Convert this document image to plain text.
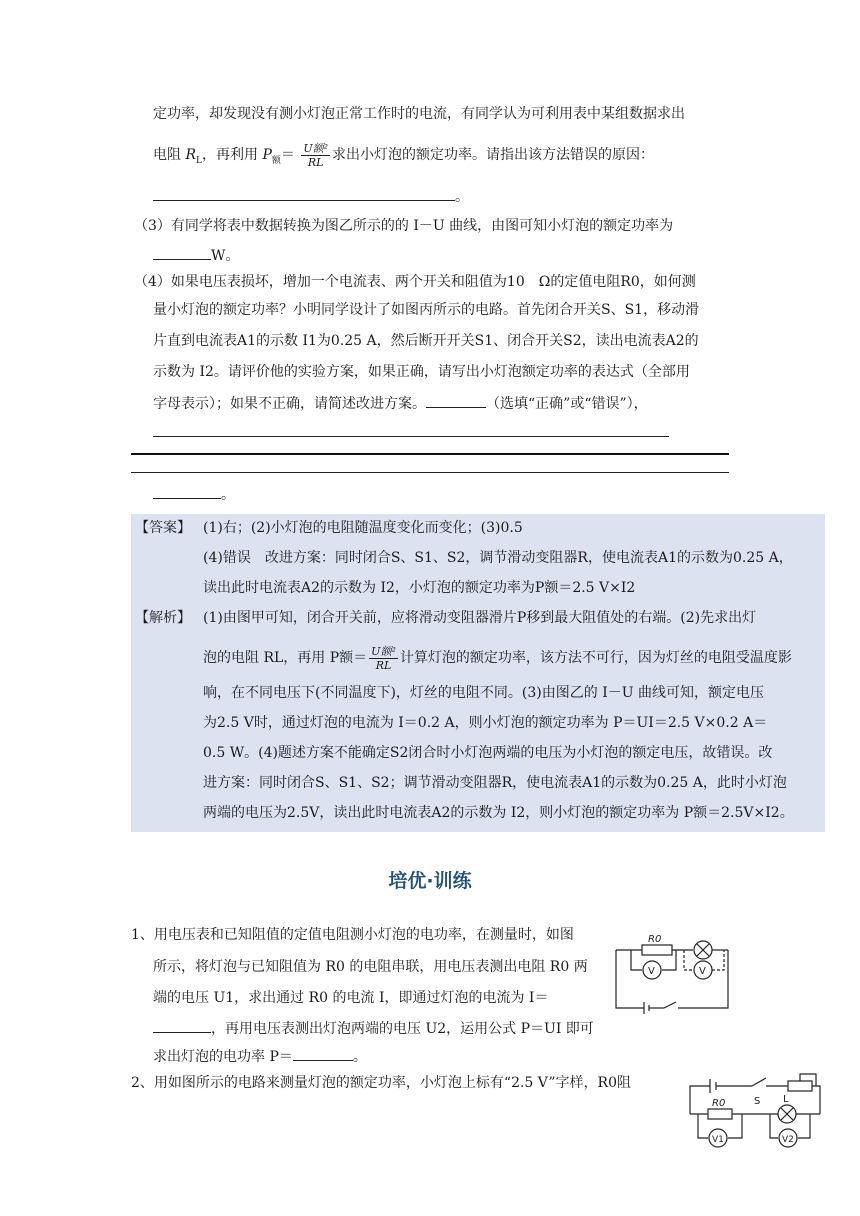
定功率，却发现没有测小灯泡正常工作时的电流，有同学认为可利用表中某组数据求出
电阻 $R_L$，再利用 $P_额= \frac{\text{U额²}}{RL}$ 求出小灯泡的额定功率。请指出该方法错误的原因：
。
（3）有同学将表中数据转换为图乙所示的的 I－U 曲线，由图可知小灯泡的额定功率为
W。
（4）如果电压表损坏，增加一个电流表、两个开关和阻值为10　Ω的定值电阻R0，如何测
量小灯泡的额定功率？小明同学设计了如图丙所示的电路。首先闭合开关S、S1，移动滑
片直到电流表A1的示数 I1为0.25 A，然后断开开关S1、闭合开关S2，读出电流表A2的
示数为 I2。请评价他的实验方案，如果正确，请写出小灯泡额定功率的表达式（全部用
字母表示）；如果不正确，请简述改进方案。	（选填“正确”或“错误”），
。
【答案】 (1)右；(2)小灯泡的电阻随温度变化而变化；(3)0.5
(4)错误　改进方案：同时闭合S、S1、S2，调节滑动变阻器R，使电流表A1的示数为0.25 A，
读出此时电流表A2的示数为 I2，小灯泡的额定功率为P额＝2.5 V×I2
【解析】 (1)由图甲可知，闭合开关前，应将滑动变阻器滑片P移到最大阻值处的右端。(2)先求出灯
泡的电阻 RL，再用 P额＝ $\frac{\text{U额²}}{RL}$ 计算灯泡的额定功率，该方法不可行，因为灯丝的电阻受温度影
响，在不同电压下(不同温度下)，灯丝的电阻不同。(3)由图乙的 I－U 曲线可知，额定电压
为2.5 V时，通过灯泡的电流为 I＝0.2 A，则小灯泡的额定功率为 P＝UI＝2.5 V×0.2 A＝
0.5 W。(4)题述方案不能确定S2闭合时小灯泡两端的电压为小灯泡的额定电压，故错误。改
进方案：同时闭合S、S1、S2；调节滑动变阻器R，使电流表A1的示数为0.25 A，此时小灯泡
两端的电压为2.5V，读出此时电流表A2的示数为 I2，则小灯泡的额定功率为 P额＝2.5V×I2。
培优·训练
1、用电压表和已知阻值的定值电阻测小灯泡的电功率，在测量时，如图
所示，将灯泡与已知阻值为 R0 的电阻串联，用电压表测出电阻 R0 两
端的电压 U1，求出通过 R0 的电流 I，即通过灯泡的电流为 I＝
，再用电压表测出灯泡两端的电压 U2，运用公式 P＝UI 即可
求出灯泡的电功率 P＝	。
R0
V	V
2、用如图所示的电路来测量灯泡的额定功率，小灯泡上标有“2.5 V”字样，R0阻
S
R0	L
V1	V2
